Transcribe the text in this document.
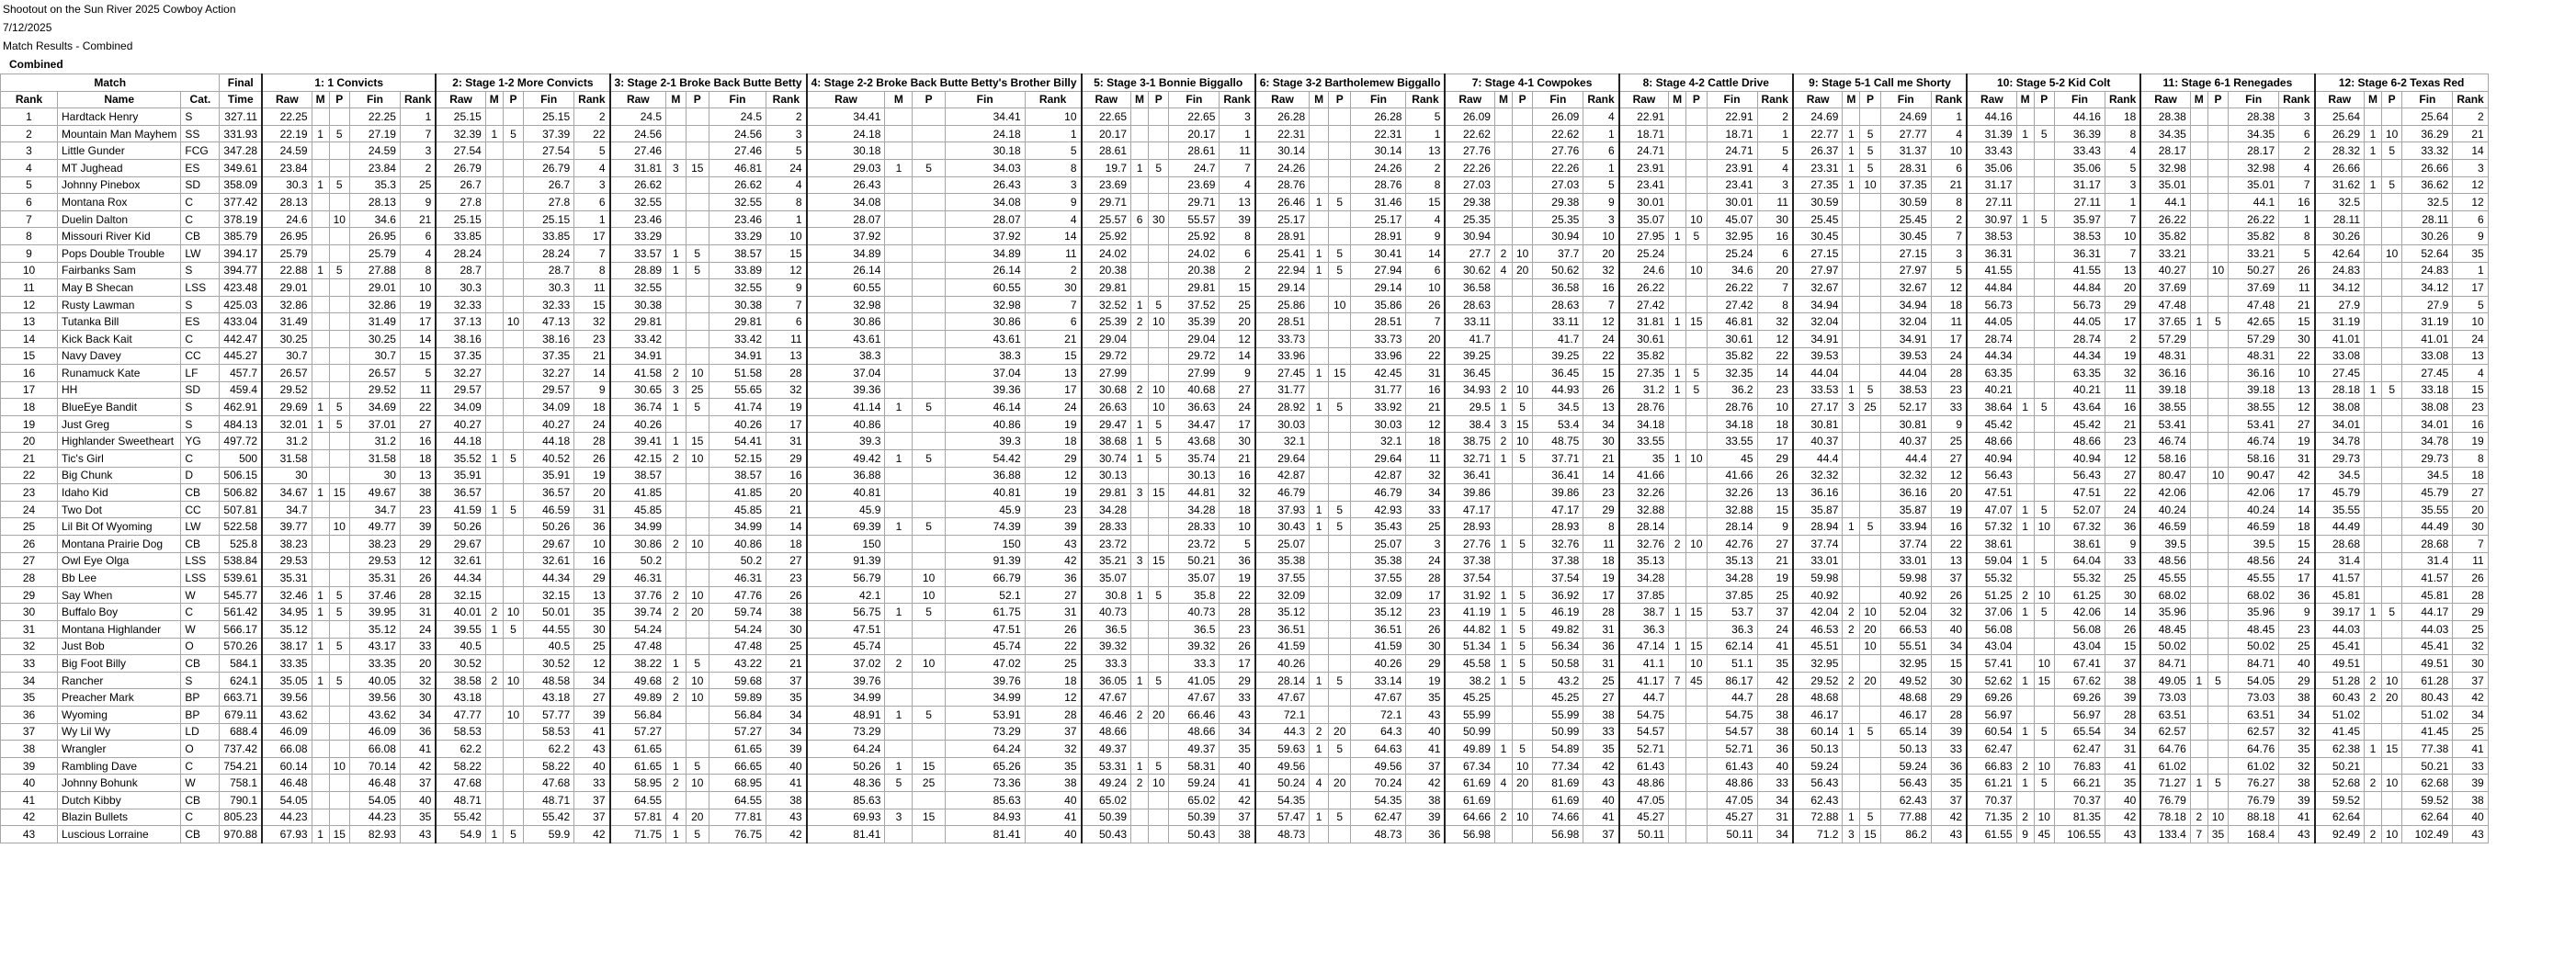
Shootout on the Sun River 2025 Cowboy Action
7/12/2025
Match Results - Combined
Combined
Match			Final	1: 1 Convicts					2: Stage 1-2 More Convicts					3: Stage 2-1 Broke Back Butte Betty					4: Stage 2-2 Broke Back Butte Betty's Brother Billy					5: Stage 3-1 Bonnie Biggallo					6: Stage 3-2 Bartholemew Biggallo					7: Stage 4-1 Cowpokes					8: Stage 4-2 Cattle Drive					9: Stage 5-1 Call me Shorty					10: Stage 5-2 Kid Colt					11: Stage 6-1 Renegades					12: Stage 6-2 Texas Red				
Rank	Name	Cat.	Time	Raw	M	P	Fin	Rank	Raw	M	P	Fin	Rank	Raw	M	P	Fin	Rank	Raw	M	P	Fin	Rank	Raw	M	P	Fin	Rank	Raw	M	P	Fin	Rank	Raw	M	P	Fin	Rank	Raw	M	P	Fin	Rank	Raw	M	P	Fin	Rank	Raw	M	P	Fin	Rank	Raw	M	P	Fin	Rank	Raw	M	P	Fin	Rank
1	Hardtack Henry	S	327.11	22.25			22.25	1	25.15			25.15	2	24.5			24.5	2	34.41			34.41	10	22.65			22.65	3	26.28			26.28	5	26.09			26.09	4	22.91			22.91	2	24.69			24.69	1	44.16			44.16	18	28.38			28.38	3	25.64			25.64	2
2	Mountain Man Mayhem	SS	331.93	22.19	1	5	27.19	7	32.39	1	5	37.39	22	24.56			24.56	3	24.18			24.18	1	20.17			20.17	1	22.31			22.31	1	22.62			22.62	1	18.71			18.71	1	22.77	1	5	27.77	4	31.39	1	5	36.39	8	34.35			34.35	6	26.29	1	10	36.29	21
3	Little Gunder	FCG	347.28	24.59			24.59	3	27.54			27.54	5	27.46			27.46	5	30.18			30.18	5	28.61			28.61	11	30.14			30.14	13	27.76			27.76	6	24.71			24.71	5	26.37	1	5	31.37	10	33.43			33.43	4	28.17			28.17	2	28.32	1	5	33.32	14
4	MT Jughead	ES	349.61	23.84			23.84	2	26.79			26.79	4	31.81	3	15	46.81	24	29.03	1	5	34.03	8	19.7	1	5	24.7	7	24.26			24.26	2	22.26			22.26	1	23.91			23.91	4	23.31	1	5	28.31	6	35.06			35.06	5	32.98			32.98	4	26.66			26.66	3
5	Johnny Pinebox	SD	358.09	30.3	1	5	35.3	25	26.7			26.7	3	26.62			26.62	4	26.43			26.43	3	23.69			23.69	4	28.76			28.76	8	27.03			27.03	5	23.41			23.41	3	27.35	1	10	37.35	21	31.17			31.17	3	35.01			35.01	7	31.62	1	5	36.62	12
6	Montana Rox	C	377.42	28.13			28.13	9	27.8			27.8	6	32.55			32.55	8	34.08			34.08	9	29.71			29.71	13	26.46	1	5	31.46	15	29.38			29.38	9	30.01			30.01	11	30.59			30.59	8	27.11			27.11	1	44.1			44.1	16	32.5			32.5	12
7	Duelin Dalton	C	378.19	24.6		10	34.6	21	25.15			25.15	1	23.46			23.46	1	28.07			28.07	4	25.57	6	30	55.57	39	25.17			25.17	4	25.35			25.35	3	35.07		10	45.07	30	25.45			25.45	2	30.97	1	5	35.97	7	26.22			26.22	1	28.11			28.11	6
8	Missouri River Kid	CB	385.79	26.95			26.95	6	33.85			33.85	17	33.29			33.29	10	37.92			37.92	14	25.92			25.92	8	28.91			28.91	9	30.94			30.94	10	27.95	1	5	32.95	16	30.45			30.45	7	38.53			38.53	10	35.82			35.82	8	30.26			30.26	9
9	Pops Double Trouble	LW	394.17	25.79			25.79	4	28.24			28.24	7	33.57	1	5	38.57	15	34.89			34.89	11	24.02			24.02	6	25.41	1	5	30.41	14	27.7	2	10	37.7	20	25.24			25.24	6	27.15			27.15	3	36.31			36.31	7	33.21			33.21	5	42.64		10	52.64	35
10	Fairbanks Sam	S	394.77	22.88	1	5	27.88	8	28.7			28.7	8	28.89	1	5	33.89	12	26.14			26.14	2	20.38			20.38	2	22.94	1	5	27.94	6	30.62	4	20	50.62	32	24.6		10	34.6	20	27.97			27.97	5	41.55			41.55	13	40.27		10	50.27	26	24.83			24.83	1
11	May B Shecan	LSS	423.48	29.01			29.01	10	30.3			30.3	11	32.55			32.55	9	60.55			60.55	30	29.81			29.81	15	29.14			29.14	10	36.58			36.58	16	26.22			26.22	7	32.67			32.67	12	44.84			44.84	20	37.69			37.69	11	34.12			34.12	17
12	Rusty Lawman	S	425.03	32.86			32.86	19	32.33			32.33	15	30.38			30.38	7	32.98			32.98	7	32.52	1	5	37.52	25	25.86		10	35.86	26	28.63			28.63	7	27.42			27.42	8	34.94			34.94	18	56.73			56.73	29	47.48			47.48	21	27.9			27.9	5
13	Tutanka Bill	ES	433.04	31.49			31.49	17	37.13		10	47.13	32	29.81			29.81	6	30.86			30.86	6	25.39	2	10	35.39	20	28.51			28.51	7	33.11			33.11	12	31.81	1	15	46.81	32	32.04			32.04	11	44.05			44.05	17	37.65	1	5	42.65	15	31.19			31.19	10
14	Kick Back Kait	C	442.47	30.25			30.25	14	38.16			38.16	23	33.42			33.42	11	43.61			43.61	21	29.04			29.04	12	33.73			33.73	20	41.7			41.7	24	30.61			30.61	12	34.91			34.91	17	28.74			28.74	2	57.29			57.29	30	41.01			41.01	24
15	Navy Davey	CC	445.27	30.7			30.7	15	37.35			37.35	21	34.91			34.91	13	38.3			38.3	15	29.72			29.72	14	33.96			33.96	22	39.25			39.25	22	35.82			35.82	22	39.53			39.53	24	44.34			44.34	19	48.31			48.31	22	33.08			33.08	13
16	Runamuck Kate	LF	457.7	26.57			26.57	5	32.27			32.27	14	41.58	2	10	51.58	28	37.04			37.04	13	27.99			27.99	9	27.45	1	15	42.45	31	36.45			36.45	15	27.35	1	5	32.35	14	44.04			44.04	28	63.35			63.35	32	36.16			36.16	10	27.45			27.45	4
17	HH	SD	459.4	29.52			29.52	11	29.57			29.57	9	30.65	3	25	55.65	32	39.36			39.36	17	30.68	2	10	40.68	27	31.77			31.77	16	34.93	2	10	44.93	26	31.2	1	5	36.2	23	33.53	1	5	38.53	23	40.21			40.21	11	39.18			39.18	13	28.18	1	5	33.18	15
18	BlueEye Bandit	S	462.91	29.69	1	5	34.69	22	34.09			34.09	18	36.74	1	5	41.74	19	41.14	1	5	46.14	24	26.63		10	36.63	24	28.92	1	5	33.92	21	29.5	1	5	34.5	13	28.76			28.76	10	27.17	3	25	52.17	33	38.64	1	5	43.64	16	38.55			38.55	12	38.08			38.08	23
19	Just Greg	S	484.13	32.01	1	5	37.01	27	40.27			40.27	24	40.26			40.26	17	40.86			40.86	19	29.47	1	5	34.47	17	30.03			30.03	12	38.4	3	15	53.4	34	34.18			34.18	18	30.81			30.81	9	45.42			45.42	21	53.41			53.41	27	34.01			34.01	16
20	Highlander Sweetheart	YG	497.72	31.2			31.2	16	44.18			44.18	28	39.41	1	15	54.41	31	39.3			39.3	18	38.68	1	5	43.68	30	32.1			32.1	18	38.75	2	10	48.75	30	33.55			33.55	17	40.37			40.37	25	48.66			48.66	23	46.74			46.74	19	34.78			34.78	19
21	Tic's Girl	C	500	31.58			31.58	18	35.52	1	5	40.52	26	42.15	2	10	52.15	29	49.42	1	5	54.42	29	30.74	1	5	35.74	21	29.64			29.64	11	32.71	1	5	37.71	21	35	1	10	45	29	44.4			44.4	27	40.94			40.94	12	58.16			58.16	31	29.73			29.73	8
22	Big Chunk	D	506.15	30			30	13	35.91			35.91	19	38.57			38.57	16	36.88			36.88	12	30.13			30.13	16	42.87			42.87	32	36.41			36.41	14	41.66			41.66	26	32.32			32.32	12	56.43			56.43	27	80.47		10	90.47	42	34.5			34.5	18
23	Idaho Kid	CB	506.82	34.67	1	15	49.67	38	36.57			36.57	20	41.85			41.85	20	40.81			40.81	19	29.81	3	15	44.81	32	46.79			46.79	34	39.86			39.86	23	32.26			32.26	13	36.16			36.16	20	47.51			47.51	22	42.06			42.06	17	45.79			45.79	27
24	Two Dot	CC	507.81	34.7			34.7	23	41.59	1	5	46.59	31	45.85			45.85	21	45.9			45.9	23	34.28			34.28	18	37.93	1	5	42.93	33	47.17			47.17	29	32.88			32.88	15	35.87			35.87	19	47.07	1	5	52.07	24	40.24			40.24	14	35.55			35.55	20
25	Lil Bit Of Wyoming	LW	522.58	39.77		10	49.77	39	50.26			50.26	36	34.99			34.99	14	69.39	1	5	74.39	39	28.33			28.33	10	30.43	1	5	35.43	25	28.93			28.93	8	28.14			28.14	9	28.94	1	5	33.94	16	57.32	1	10	67.32	36	46.59			46.59	18	44.49			44.49	30
26	Montana Prairie Dog	CB	525.8	38.23			38.23	29	29.67			29.67	10	30.86	2	10	40.86	18	150			150	43	23.72			23.72	5	25.07			25.07	3	27.76	1	5	32.76	11	32.76	2	10	42.76	27	37.74			37.74	22	38.61			38.61	9	39.5			39.5	15	28.68			28.68	7
27	Owl Eye Olga	LSS	538.84	29.53			29.53	12	32.61			32.61	16	50.2			50.2	27	91.39			91.39	42	35.21	3	15	50.21	36	35.38			35.38	24	37.38			37.38	18	35.13			35.13	21	33.01			33.01	13	59.04	1	5	64.04	33	48.56			48.56	24	31.4			31.4	11
28	Bb Lee	LSS	539.61	35.31			35.31	26	44.34			44.34	29	46.31			46.31	23	56.79		10	66.79	36	35.07			35.07	19	37.55			37.55	28	37.54			37.54	19	34.28			34.28	19	59.98			59.98	37	55.32			55.32	25	45.55			45.55	17	41.57			41.57	26
29	Say When	W	545.77	32.46	1	5	37.46	28	32.15			32.15	13	37.76	2	10	47.76	26	42.1		10	52.1	27	30.8	1	5	35.8	22	32.09			32.09	17	31.92	1	5	36.92	17	37.85			37.85	25	40.92			40.92	26	51.25	2	10	61.25	30	68.02			68.02	36	45.81			45.81	28
30	Buffalo Boy	C	561.42	34.95	1	5	39.95	31	40.01	2	10	50.01	35	39.74	2	20	59.74	38	56.75	1	5	61.75	31	40.73			40.73	28	35.12			35.12	23	41.19	1	5	46.19	28	38.7	1	15	53.7	37	42.04	2	10	52.04	32	37.06	1	5	42.06	14	35.96			35.96	9	39.17	1	5	44.17	29
31	Montana Highlander	W	566.17	35.12			35.12	24	39.55	1	5	44.55	30	54.24			54.24	30	47.51			47.51	26	36.5			36.5	23	36.51			36.51	26	44.82	1	5	49.82	31	36.3			36.3	24	46.53	2	20	66.53	40	56.08			56.08	26	48.45			48.45	23	44.03			44.03	25
32	Just Bob	O	570.26	38.17	1	5	43.17	33	40.5			40.5	25	47.48			47.48	25	45.74			45.74	22	39.32			39.32	26	41.59			41.59	30	51.34	1	5	56.34	36	47.14	1	15	62.14	41	45.51		10	55.51	34	43.04			43.04	15	50.02			50.02	25	45.41			45.41	32
33	Big Foot Billy	CB	584.1	33.35			33.35	20	30.52			30.52	12	38.22	1	5	43.22	21	37.02	2	10	47.02	25	33.3			33.3	17	40.26			40.26	29	45.58	1	5	50.58	31	41.1		10	51.1	35	32.95			32.95	15	57.41		10	67.41	37	84.71			84.71	40	49.51			49.51	30
34	Rancher	S	624.1	35.05	1	5	40.05	32	38.58	2	10	48.58	34	49.68	2	10	59.68	37	39.76			39.76	18	36.05	1	5	41.05	29	28.14	1	5	33.14	19	38.2	1	5	43.2	25	41.17	7	45	86.17	42	29.52	2	20	49.52	30	52.62	1	15	67.62	38	49.05	1	5	54.05	29	51.28	2	10	61.28	37
35	Preacher Mark	BP	663.71	39.56			39.56	30	43.18			43.18	27	49.89	2	10	59.89	35	34.99			34.99	12	47.67			47.67	33	47.67			47.67	35	45.25			45.25	27	44.7			44.7	28	48.68			48.68	29	69.26			69.26	39	73.03			73.03	38	60.43	2	20	80.43	42
36	Wyoming	BP	679.11	43.62			43.62	34	47.77		10	57.77	39	56.84			56.84	34	48.91	1	5	53.91	28	46.46	2	20	66.46	43	72.1			72.1	43	55.99			55.99	38	54.75			54.75	38	46.17			46.17	28	56.97			56.97	28	63.51			63.51	34	51.02			51.02	34
37	Wy Lil Wy	LD	688.4	46.09			46.09	36	58.53			58.53	41	57.27			57.27	34	73.29			73.29	37	48.66			48.66	34	44.3	2	20	64.3	40	50.99			50.99	33	54.57			54.57	38	60.14	1	5	65.14	39	60.54	1	5	65.54	34	62.57			62.57	32	41.45			41.45	25
38	Wrangler	O	737.42	66.08			66.08	41	62.2			62.2	43	61.65			61.65	39	64.24			64.24	32	49.37			49.37	35	59.63	1	5	64.63	41	49.89	1	5	54.89	35	52.71			52.71	36	50.13			50.13	33	62.47			62.47	31	64.76			64.76	35	62.38	1	15	77.38	41
39	Rambling Dave	C	754.21	60.14		10	70.14	42	58.22			58.22	40	61.65	1	5	66.65	40	50.26	1	15	65.26	35	53.31	1	5	58.31	40	49.56			49.56	37	67.34		10	77.34	42	61.43			61.43	40	59.24			59.24	36	66.83	2	10	76.83	41	61.02			61.02	32	50.21			50.21	33
40	Johnny Bohunk	W	758.1	46.48			46.48	37	47.68			47.68	33	58.95	2	10	68.95	41	48.36	5	25	73.36	38	49.24	2	10	59.24	41	50.24	4	20	70.24	42	61.69	4	20	81.69	43	48.86			48.86	33	56.43			56.43	35	61.21	1	5	66.21	35	71.27	1	5	76.27	38	52.68	2	10	62.68	39
41	Dutch Kibby	CB	790.1	54.05			54.05	40	48.71			48.71	37	64.55			64.55	38	85.63			85.63	40	65.02			65.02	42	54.35			54.35	38	61.69			61.69	40	47.05			47.05	34	62.43			62.43	37	70.37			70.37	40	76.79			76.79	39	59.52			59.52	38
42	Blazin Bullets	C	805.23	44.23			44.23	35	55.42			55.42	37	57.81	4	20	77.81	43	69.93	3	15	84.93	41	50.39			50.39	37	57.47	1	5	62.47	39	64.66	2	10	74.66	41	45.27			45.27	31	72.88	1	5	77.88	42	71.35	2	10	81.35	42	78.18	2	10	88.18	41	62.64			62.64	40
43	Luscious Lorraine	CB	970.88	67.93	1	15	82.93	43	54.9	1	5	59.9	42	71.75	1	5	76.75	42	81.41			81.41	40	50.43			50.43	38	48.73			48.73	36	56.98			56.98	37	50.11			50.11	34	71.2	3	15	86.2	43	61.55	9	45	106.55	43	133.4	7	35	168.4	43	92.49	2	10	102.49	43
